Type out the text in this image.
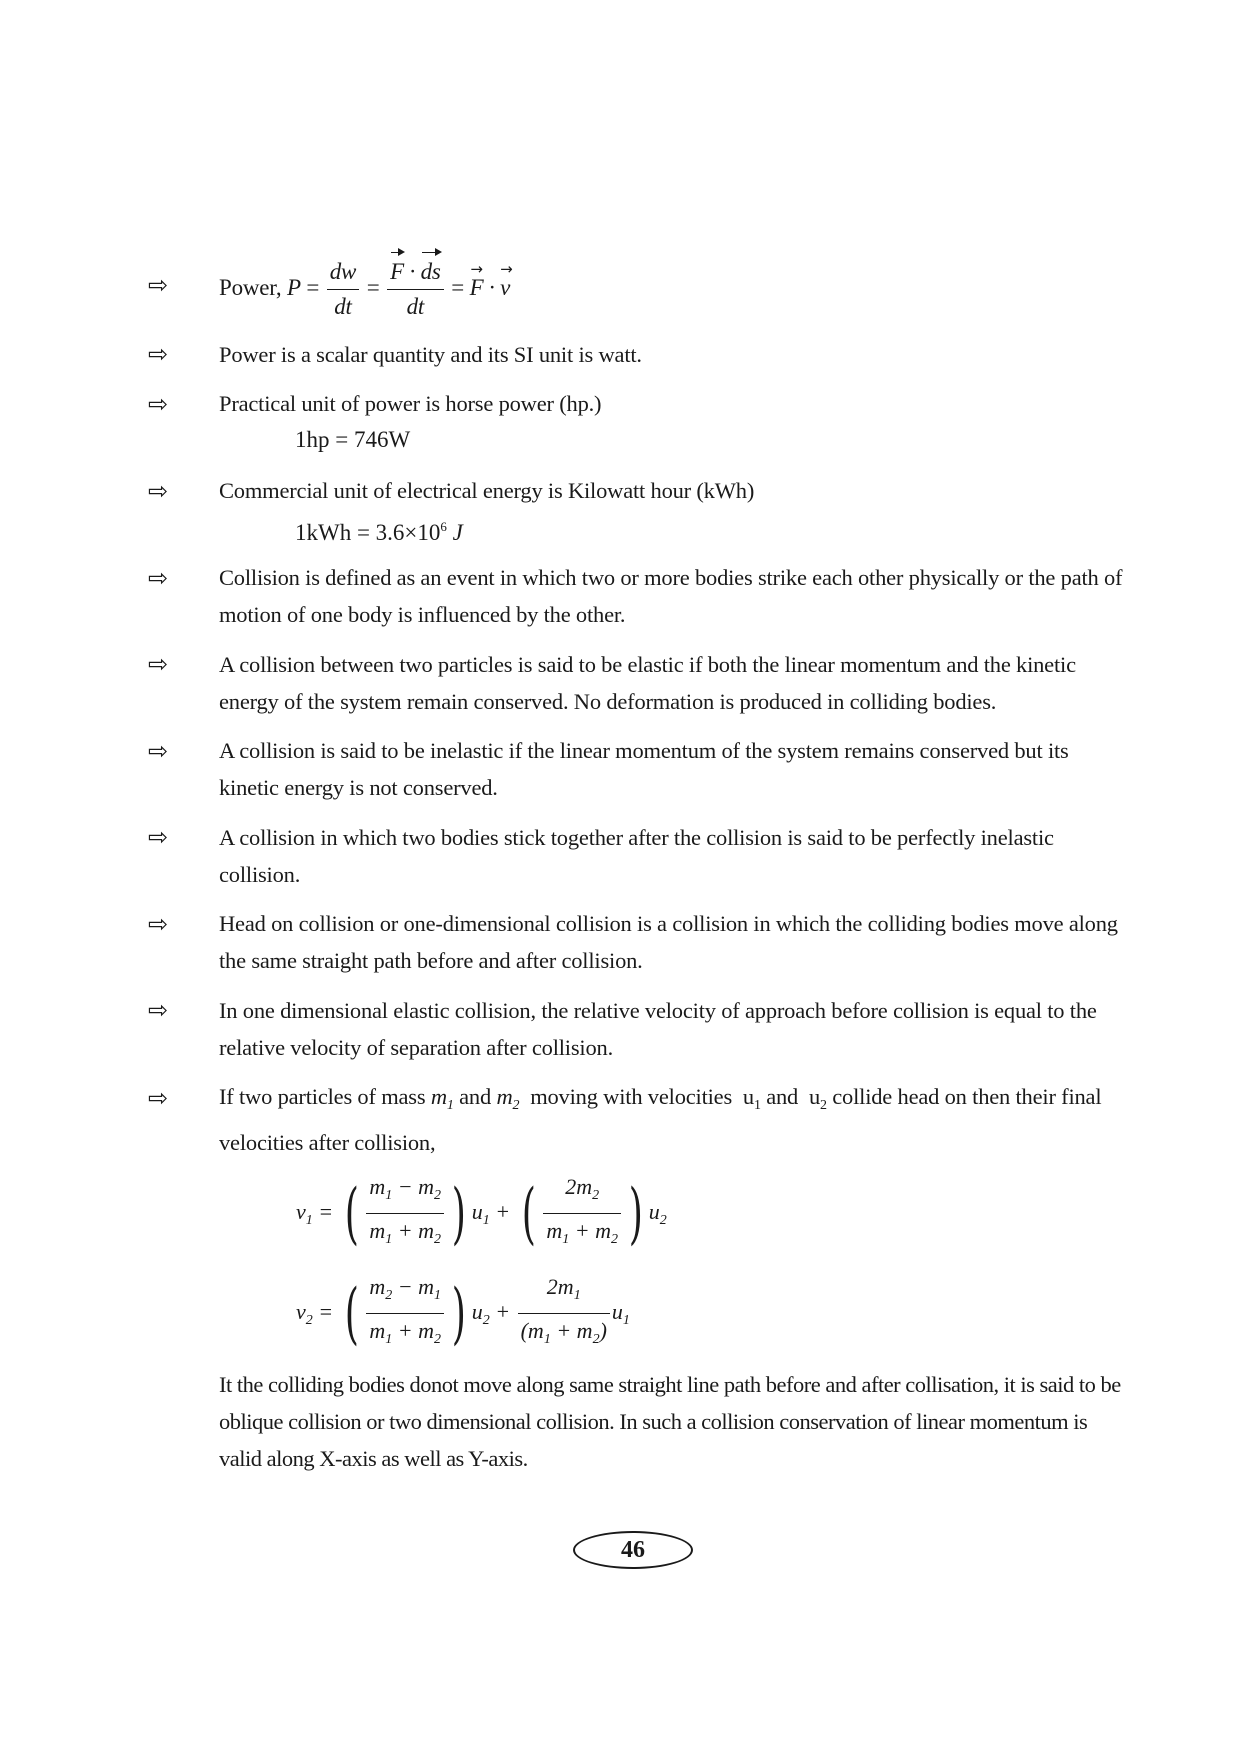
⇨ Power, $P = \frac{dw}{dt} = \frac{F \cdot ds}{dt}$ = → F · → v
⇨ Power is a scalar quantity and its SI unit is watt.
⇨ Practical unit of power is horse power (hp.)
1hp = 746W
⇨ Commercial unit of electrical energy is Kilowatt hour (kWh)
$1kWh = 3.6\times 10^6$ J
⇨ Collision is defined as an event in which two or more bodies strike each other physically or the path of motion of one body is influenced by the other.
⇨ A collision between two particles is said to be elastic if both the linear momentum and the kinetic energy of the system remain conserved. No deformation is produced in colliding bodies.
⇨ A collision is said to be inelastic if the linear momentum of the system remains conserved but its kinetic energy is not conserved.
⇨ A collision in which two bodies stick together after the collision is said to be perfectly inelastic collision.
⇨ Head on collision or one-dimensional collision is a collision in which the colliding bodies move along the same straight path before and after collision.
⇨ In one dimensional elastic collision, the relative velocity of approach before collision is equal to the relative velocity of separation after collision.
⇨ If two particles of mass $m_1$ and $m_2$ moving with velocities $u_1$ and $u_2$ collide head on then their final velocities after collision,
$v_1$ = ( $\frac{m_1 - m_2}{m_1 + m_2}$ ) $u_1$ + ( $\frac{2m_2}{m_1 + m_2}$ ) $u_2$
$v_2$ = ( $\frac{m_2 - m_1}{m_1 + m_2}$ ) $u_2 + \frac{2m_1}{(m_1 + m_2)} u_1$
It the colliding bodies donot move along same straight line path before and after collisation, it is said to be oblique collision or two dimensional collision. In such a collision conservation of linear momentum is valid along X-axis as well as Y-axis.
46
